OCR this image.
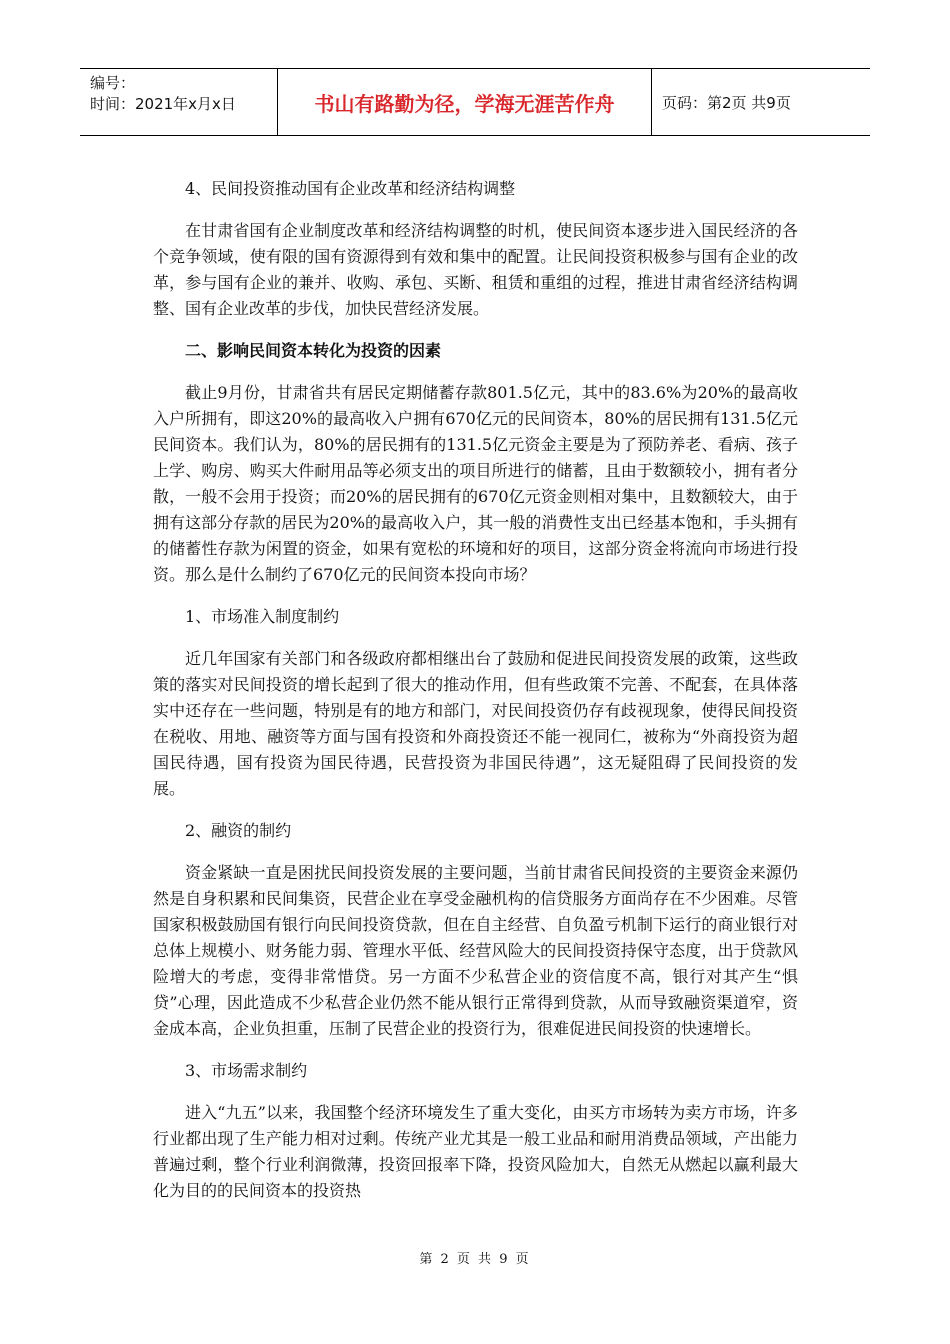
编号：
时间：2021年x月x日	书山有路勤为径，学海无涯苦作舟	页码：第2页 共9页

4、民间投资推动国有企业改革和经济结构调整

在甘肃省国有企业制度改革和经济结构调整的时机，使民间资本逐步进入国民经济的各个竞争领域，使有限的国有资源得到有效和集中的配置。让民间投资积极参与国有企业的改革，参与国有企业的兼并、收购、承包、买断、租赁和重组的过程，推进甘肃省经济结构调整、国有企业改革的步伐，加快民营经济发展。

二、影响民间资本转化为投资的因素

截止9月份，甘肃省共有居民定期储蓄存款801.5亿元，其中的83.6%为20%的最高收入户所拥有，即这20%的最高收入户拥有670亿元的民间资本，80%的居民拥有131.5亿元民间资本。我们认为，80%的居民拥有的131.5亿元资金主要是为了预防养老、看病、孩子上学、购房、购买大件耐用品等必须支出的项目所进行的储蓄，且由于数额较小，拥有者分散，一般不会用于投资；而20%的居民拥有的670亿元资金则相对集中，且数额较大，由于拥有这部分存款的居民为20%的最高收入户，其一般的消费性支出已经基本饱和，手头拥有的储蓄性存款为闲置的资金，如果有宽松的环境和好的项目，这部分资金将流向市场进行投资。那么是什么制约了670亿元的民间资本投向市场？

1、市场准入制度制约

近几年国家有关部门和各级政府都相继出台了鼓励和促进民间投资发展的政策，这些政策的落实对民间投资的增长起到了很大的推动作用，但有些政策不完善、不配套，在具体落实中还存在一些问题，特别是有的地方和部门，对民间投资仍存有歧视现象，使得民间投资在税收、用地、融资等方面与国有投资和外商投资还不能一视同仁，被称为“外商投资为超国民待遇，国有投资为国民待遇，民营投资为非国民待遇”，这无疑阻碍了民间投资的发展。

2、融资的制约

资金紧缺一直是困扰民间投资发展的主要问题，当前甘肃省民间投资的主要资金来源仍然是自身积累和民间集资，民营企业在享受金融机构的信贷服务方面尚存在不少困难。尽管国家积极鼓励国有银行向民间投资贷款，但在自主经营、自负盈亏机制下运行的商业银行对总体上规模小、财务能力弱、管理水平低、经营风险大的民间投资持保守态度，出于贷款风险增大的考虑，变得非常惜贷。另一方面不少私营企业的资信度不高，银行对其产生“惧贷”心理，因此造成不少私营企业仍然不能从银行正常得到贷款，从而导致融资渠道窄，资金成本高，企业负担重，压制了民营企业的投资行为，很难促进民间投资的快速增长。

3、市场需求制约

进入“九五”以来，我国整个经济环境发生了重大变化，由买方市场转为卖方市场，许多行业都出现了生产能力相对过剩。传统产业尤其是一般工业品和耐用消费品领域，产出能力普遍过剩，整个行业利润微薄，投资回报率下降，投资风险加大，自然无从燃起以赢利最大化为目的的民间资本的投资热

第 2 页 共 9 页
